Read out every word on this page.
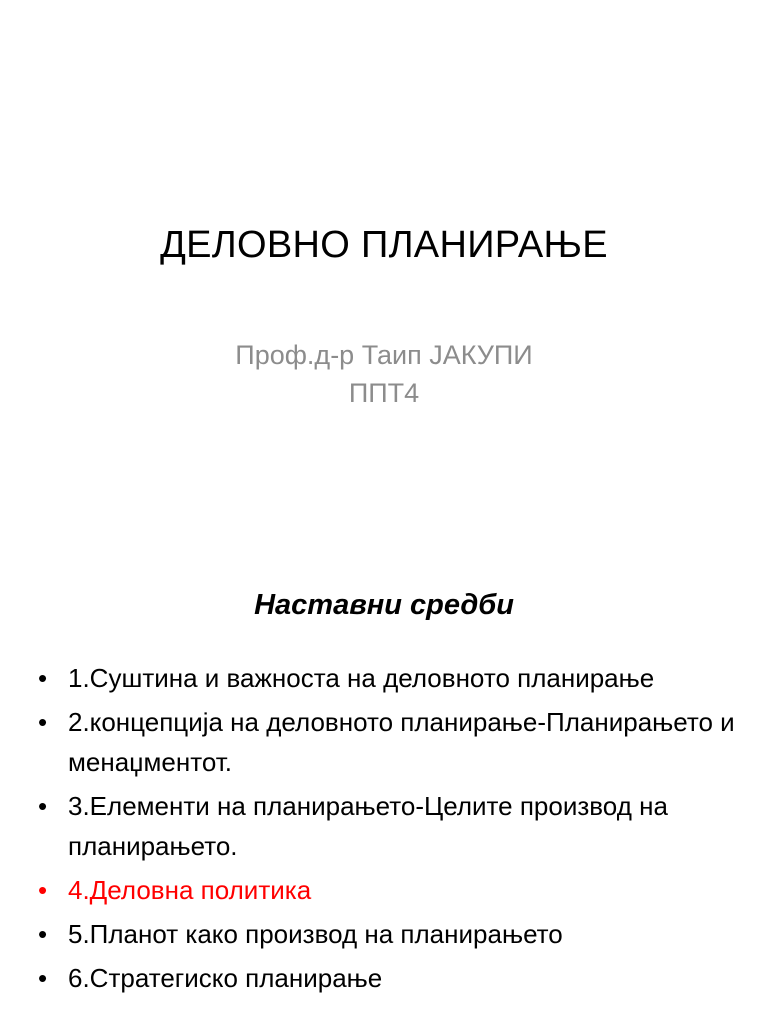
ДЕЛОВНО ПЛАНИРАЊЕ
Проф.д-р Таип ЈАКУПИ
ППТ4
Наставни средби
• 1.Суштина и важноста на деловното планирање
• 2.концепција на деловното планирање-Планирањето и менаџментот.
• 3.Елементи на планирањето-Целите производ на планирањето.
• 4.Деловна политика
• 5.Планот како производ на планирањето
• 6.Стратегиско планирање
